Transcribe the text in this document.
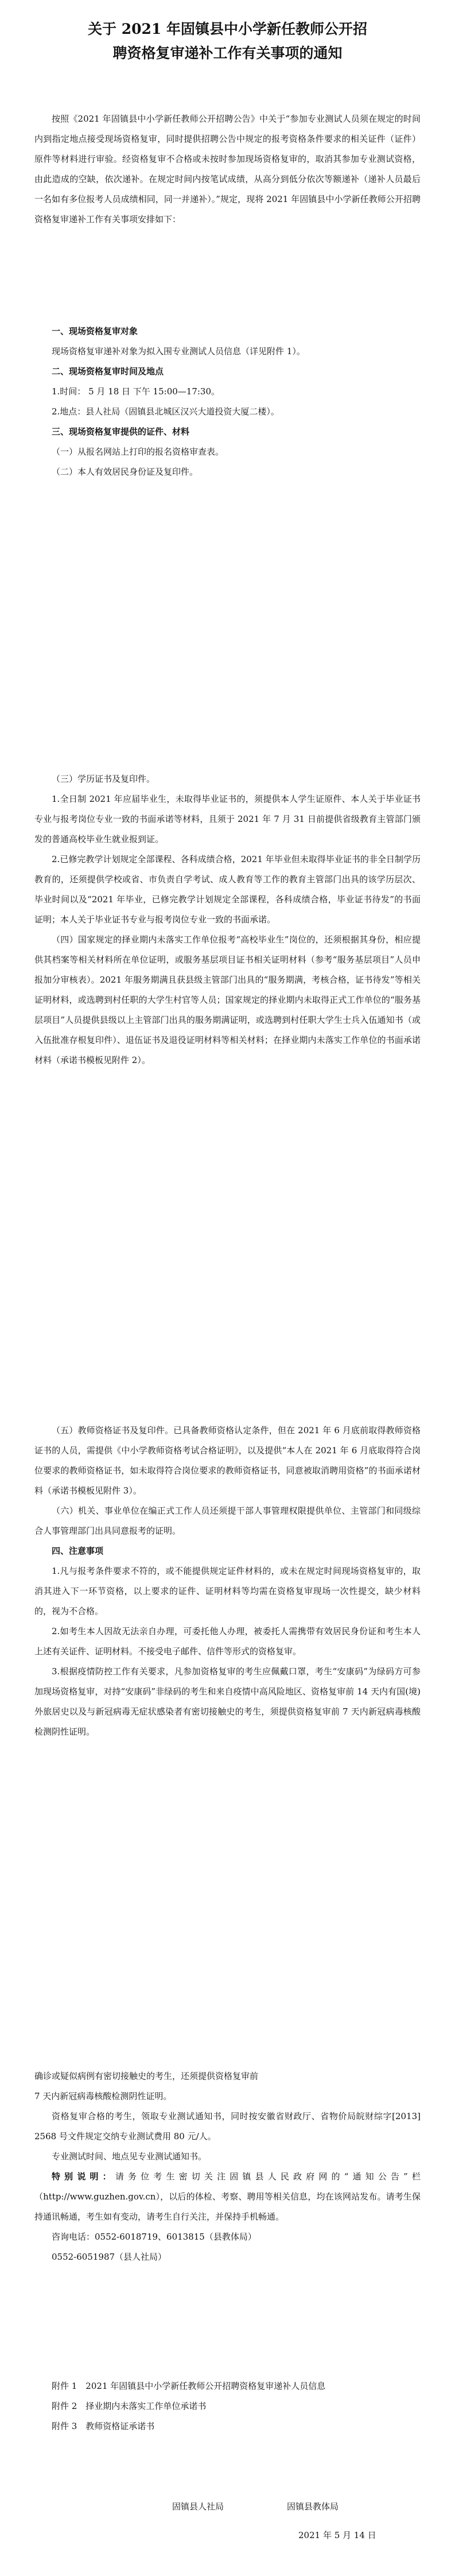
关于 2021 年固镇县中小学新任教师公开招
聘资格复审递补工作有关事项的通知

按照《2021 年固镇县中小学新任教师公开招聘公告》中关于“参加专业测试人员须在规定的时间内到指定地点接受现场资格复审，同时提供招聘公告中规定的报考资格条件要求的相关证件（证件）原件等材料进行审验。经资格复审不合格或未按时参加现场资格复审的，取消其参加专业测试资格，由此造成的空缺，依次递补。在规定时间内按笔试成绩，从高分到低分依次等额递补（递补人员最后一名如有多位报考人员成绩相同，同一并递补）。”规定，现将 2021 年固镇县中小学新任教师公开招聘资格复审递补工作有关事项安排如下：

一、现场资格复审对象

现场资格复审递补对象为拟入围专业测试人员信息（详见附件 1）。

二、现场资格复审时间及地点

1.时间： 5 月 18 日 下午 15:00—17:30。

2.地点：县人社局（固镇县北城区汉兴大道投资大厦二楼）。

三、现场资格复审提供的证件、材料

（一）从报名网站上打印的报名资格审查表。

（二）本人有效居民身份证及复印件。

（三）学历证书及复印件。

1.全日制 2021 年应届毕业生，未取得毕业证书的，须提供本人学生证原件、本人关于毕业证书专业与报考岗位专业一致的书面承诺等材料，且须于 2021 年 7 月 31 日前提供省级教育主管部门颁发的普通高校毕业生就业报到证。

2.已修完教学计划规定全部课程、各科成绩合格，2021 年毕业但未取得毕业证书的非全日制学历教育的，还须提供学校或省、市负责自学考试、成人教育等工作的教育主管部门出具的该学历层次、毕业时间以及“2021 年毕业，已修完教学计划规定全部课程，各科成绩合格，毕业证书待发”的书面证明；本人关于毕业证书专业与报考岗位专业一致的书面承诺。

（四）国家规定的择业期内未落实工作单位报考“高校毕业生”岗位的，还须根据其身份，相应提供其档案等相关材料所在单位证明，或服务基层项目证书相关证明材料（参考“服务基层项目”人员申报加分审核表）。2021 年服务期满且获县级主管部门出具的“服务期满，考核合格，证书待发”等相关证明材料，或选聘到村任职的大学生村官等人员；国家规定的择业期内未取得正式工作单位的“服务基层项目”人员提供县级以上主管部门出具的服务期满证明，或选聘到村任职大学生士兵入伍通知书（或入伍批准存根复印件）、退伍证书及退役证明材料等相关材料；在择业期内未落实工作单位的书面承诺材料（承诺书模板见附件 2）。

（五）教师资格证书及复印件。已具备教师资格认定条件，但在 2021 年 6 月底前取得教师资格证书的人员，需提供《中小学教师资格考试合格证明》，以及提供“本人在 2021 年 6 月底取得符合岗位要求的教师资格证书，如未取得符合岗位要求的教师资格证书，同意被取消聘用资格”的书面承诺材料（承诺书模板见附件 3）。

（六）机关、事业单位在编正式工作人员还须提干部人事管理权限提供单位、主管部门和同级综合人事管理部门出具同意报考的证明。

四、注意事项

1.凡与报考条件要求不符的，或不能提供规定证件材料的，或未在规定时间现场资格复审的，取消其进入下一环节资格，以上要求的证件、证明材料等均需在资格复审现场一次性提交，缺少材料的，视为不合格。

2.如考生本人因故无法亲自办理，可委托他人办理，被委托人需携带有效居民身份证和考生本人上述有关证件、证明材料。不接受电子邮件、信件等形式的资格复审。

3.根据疫情防控工作有关要求，凡参加资格复审的考生应佩戴口罩，考生“安康码”为绿码方可参加现场资格复审，对持“安康码”非绿码的考生和来自疫情中高风险地区、资格复审前 14 天内有国(境)外旅居史以及与新冠病毒无症状感染者有密切接触史的考生，须提供资格复审前 7 天内新冠病毒核酸检测阴性证明。

确诊或疑似病例有密切接触史的考生，还须提供资格复审前

7 天内新冠病毒核酸检测阴性证明。

资格复审合格的考生，领取专业测试通知书，同时按安徽省财政厅、省物价局皖财综字[2013] 2568 号文件规定交纳专业测试费用 80 元/人。

专业测试时间、地点见专业测试通知书。

特别说明：请务位考生密切关注固镇县人民政府网的“通知公告”栏（http://www.guzhen.gov.cn），以后的体检、考察、聘用等相关信息，均在该网站发布。请考生保持通讯畅通，考生如有变动，请考生自行关注，并保持手机畅通。

咨询电话：0552-6018719、6013815（县教体局）

0552-6051987（县人社局）

附件 1　2021 年固镇县中小学新任教师公开招聘资格复审递补人员信息

附件 2　择业期内未落实工作单位承诺书

附件 3　教师资格证承诺书

固镇县人社局	固镇县教体局
2021 年 5 月 14 日
